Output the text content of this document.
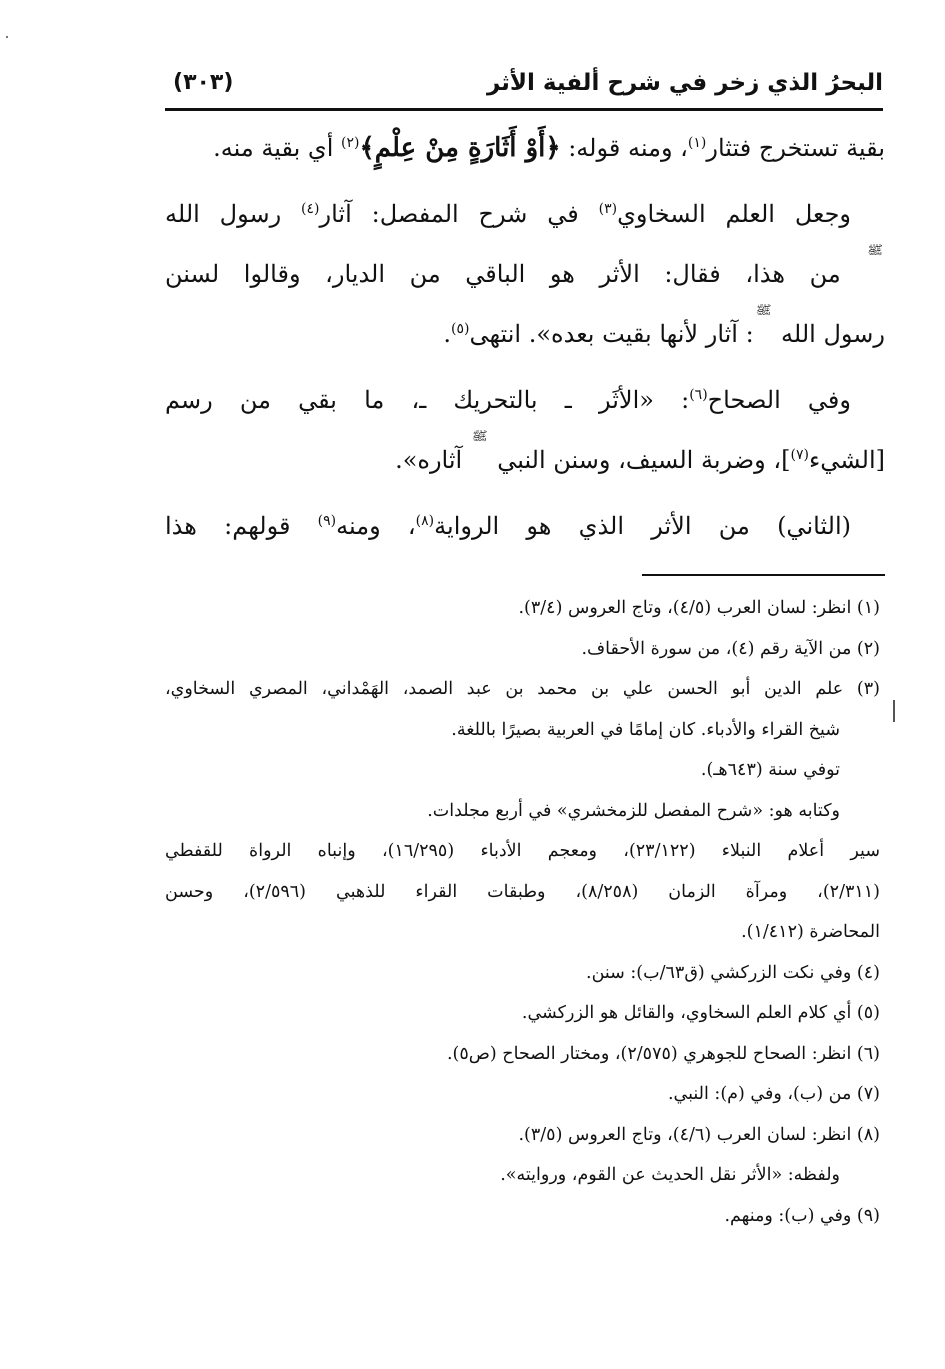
البحرُ الذي زخر في شرح ألفية الأثر
(٣٠٣)
بقية تستخرج فتثار$^{(١)}$، ومنه قوله: ﴿أَوْ أَثَارَةٍ مِنْ عِلْمٍ﴾$^{(٢)}$ أي بقية منه.
وجعل العلم السخاوي$^{(٣)}$ في شرح المفصل: آثار$^{(٤)}$ رسول الله
ﷺ من هذا، فقال: الأثر هو الباقي من الديار، وقالوا لسنن
رسول الله ﷺ: آثار لأنها بقيت بعده». انتهى$^{(٥)}$.
وفي الصحاح$^{(٦)}$: «الأثَر ـ بالتحريك ـ، ما بقي من رسم
[الشيء$^{(٧)}$]، وضربة السيف، وسنن النبي ﷺ آثاره».
(الثاني) من الأثر الذي هو الرواية$^{(٨)}$، ومنه$^{(٩)}$ قولهم: هذا
(١) انظر: لسان العرب (٤/٥)، وتاج العروس (٣/٤).
(٢) من الآية رقم (٤)، من سورة الأحقاف.
(٣) علم الدين أبو الحسن علي بن محمد بن عبد الصمد، الهَمْداني، المصري السخاوي،
شيخ القراء والأدباء. كان إمامًا في العربية بصيرًا باللغة.
توفي سنة (٦٤٣هـ).
وكتابه هو: «شرح المفصل للزمخشري» في أربع مجلدات.
سير أعلام النبلاء (٢٣/١٢٢)، ومعجم الأدباء (١٦/٢٩٥)، وإنباه الرواة للقفطي
(٢/٣١١)، ومرآة الزمان (٨/٢٥٨)، وطبقات القراء للذهبي (٢/٥٩٦)، وحسن
المحاضرة (١/٤١٢).
(٤) وفي نكت الزركشي (ق٦٣/ب): سنن.
(٥) أي كلام العلم السخاوي، والقائل هو الزركشي.
(٦) انظر: الصحاح للجوهري (٢/٥٧٥)، ومختار الصحاح (ص٥).
(٧) من (ب)، وفي (م): النبي.
(٨) انظر: لسان العرب (٤/٦)، وتاج العروس (٣/٥).
ولفظه: «الأثر نقل الحديث عن القوم، وروايته».
(٩) وفي (ب): ومنهم.
